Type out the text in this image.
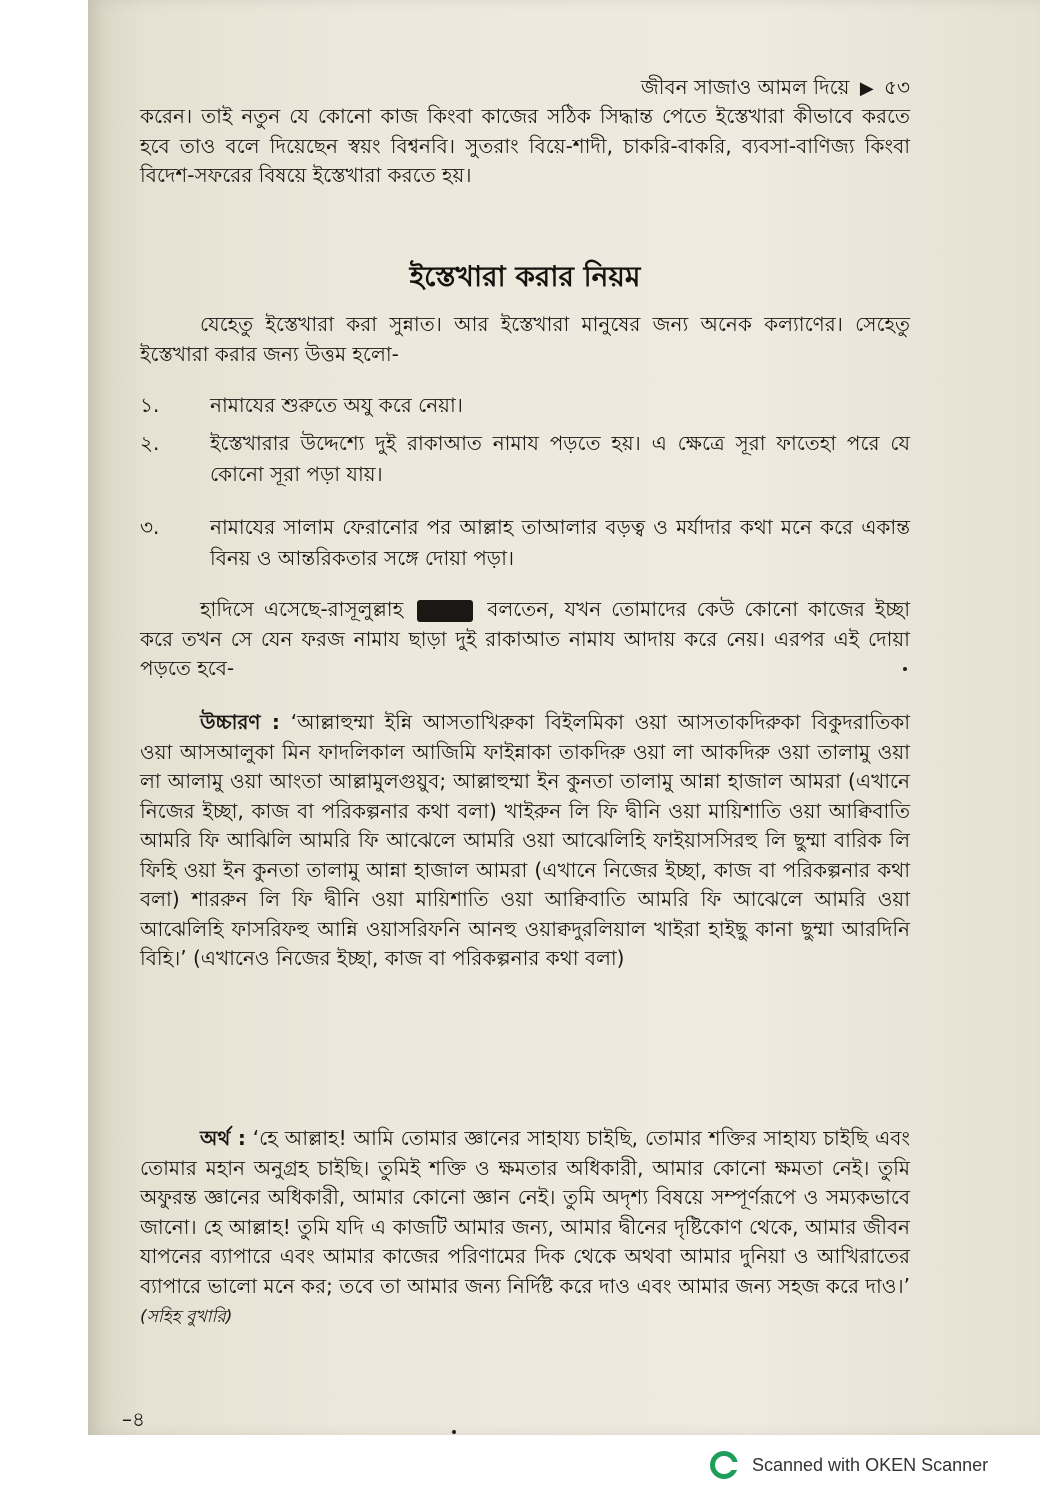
জীবন সাজাও আমল দিয়ে ▶ ৫৩
করেন। তাই নতুন যে কোনো কাজ কিংবা কাজের সঠিক সিদ্ধান্ত পেতে ইস্তেখারা কীভাবে করতে হবে তাও বলে দিয়েছেন স্বয়ং বিশ্বনবি। সুতরাং বিয়ে-শাদী, চাকরি-বাকরি, ব্যবসা-বাণিজ্য কিংবা বিদেশ-সফরের বিষয়ে ইস্তেখারা করতে হয়।
ইস্তেখারা করার নিয়ম
যেহেতু ইস্তেখারা করা সুন্নাত। আর ইস্তেখারা মানুষের জন্য অনেক কল্যাণের। সেহেতু ইস্তেখারা করার জন্য উত্তম হলো-
১.	নামাযের শুরুতে অযু করে নেয়া।
২.	ইস্তেখারার উদ্দেশ্যে দুই রাকাআত নামায পড়তে হয়। এ ক্ষেত্রে সূরা ফাতেহা পরে যে কোনো সূরা পড়া যায়।
৩.	নামাযের সালাম ফেরানোর পর আল্লাহ তাআলার বড়ত্ব ও মর্যাদার কথা মনে করে একান্ত বিনয় ও আন্তরিকতার সঙ্গে দোয়া পড়া।
হাদিসে এসেছে-রাসূলুল্লাহ	বলতেন, যখন তোমাদের কেউ কোনো কাজের ইচ্ছা করে তখন সে যেন ফরজ নামায ছাড়া দুই রাকাআত নামায আদায় করে নেয়। এরপর এই দোয়া পড়তে হবে-
উচ্চারণ : ‘আল্লাহুম্মা ইন্নি আসতাখিরুকা বিইলমিকা ওয়া আসতাকদিরুকা বিকুদরাতিকা ওয়া আসআলুকা মিন ফাদলিকাল আজিমি ফাইন্নাকা তাকদিরু ওয়া লা আকদিরু ওয়া তালামু ওয়া লা আলামু ওয়া আংতা আল্লামুলগুয়ুব; আল্লাহুম্মা ইন কুনতা তালামু আন্না হাজাল আমরা (এখানে নিজের ইচ্ছা, কাজ বা পরিকল্পনার কথা বলা) খাইরুন লি ফি দ্বীনি ওয়া মায়িশাতি ওয়া আক্বিবাতি আমরি ফি আঝিলি আমরি ফি আঝেলে আমরি ওয়া আঝেলিহি ফাইয়াসসিরহু লি ছুম্মা বারিক লি ফিহি ওয়া ইন কুনতা তালামু আন্না হাজাল আমরা (এখানে নিজের ইচ্ছা, কাজ বা পরিকল্পনার কথা বলা) শাররুন লি ফি দ্বীনি ওয়া মায়িশাতি ওয়া আক্বিবাতি আমরি ফি আঝেলে আমরি ওয়া আঝেলিহি ফাসরিফহু আন্নি ওয়াসরিফনি আনহু ওয়াক্বদুরলিয়াল খাইরা হাইছু কানা ছুম্মা আরদিনি বিহি।’ (এখানেও নিজের ইচ্ছা, কাজ বা পরিকল্পনার কথা বলা)
অর্থ : ‘হে আল্লাহ! আমি তোমার জ্ঞানের সাহায্য চাইছি, তোমার শক্তির সাহায্য চাইছি এবং তোমার মহান অনুগ্রহ চাইছি। তুমিই শক্তি ও ক্ষমতার অধিকারী, আমার কোনো ক্ষমতা নেই। তুমি অফুরন্ত জ্ঞানের অধিকারী, আমার কোনো জ্ঞান নেই। তুমি অদৃশ্য বিষয়ে সম্পূর্ণরূপে ও সম্যকভাবে জানো। হে আল্লাহ! তুমি যদি এ কাজটি আমার জন্য, আমার দ্বীনের দৃষ্টিকোণ থেকে, আমার জীবন যাপনের ব্যাপারে এবং আমার কাজের পরিণামের দিক থেকে অথবা আমার দুনিয়া ও আখিরাতের ব্যাপারে ভালো মনে কর; তবে তা আমার জন্য নির্দিষ্ট করে দাও এবং আমার জন্য সহজ করে দাও।’ (সহিহ বুখারি)
–৪
Scanned with OKEN Scanner
